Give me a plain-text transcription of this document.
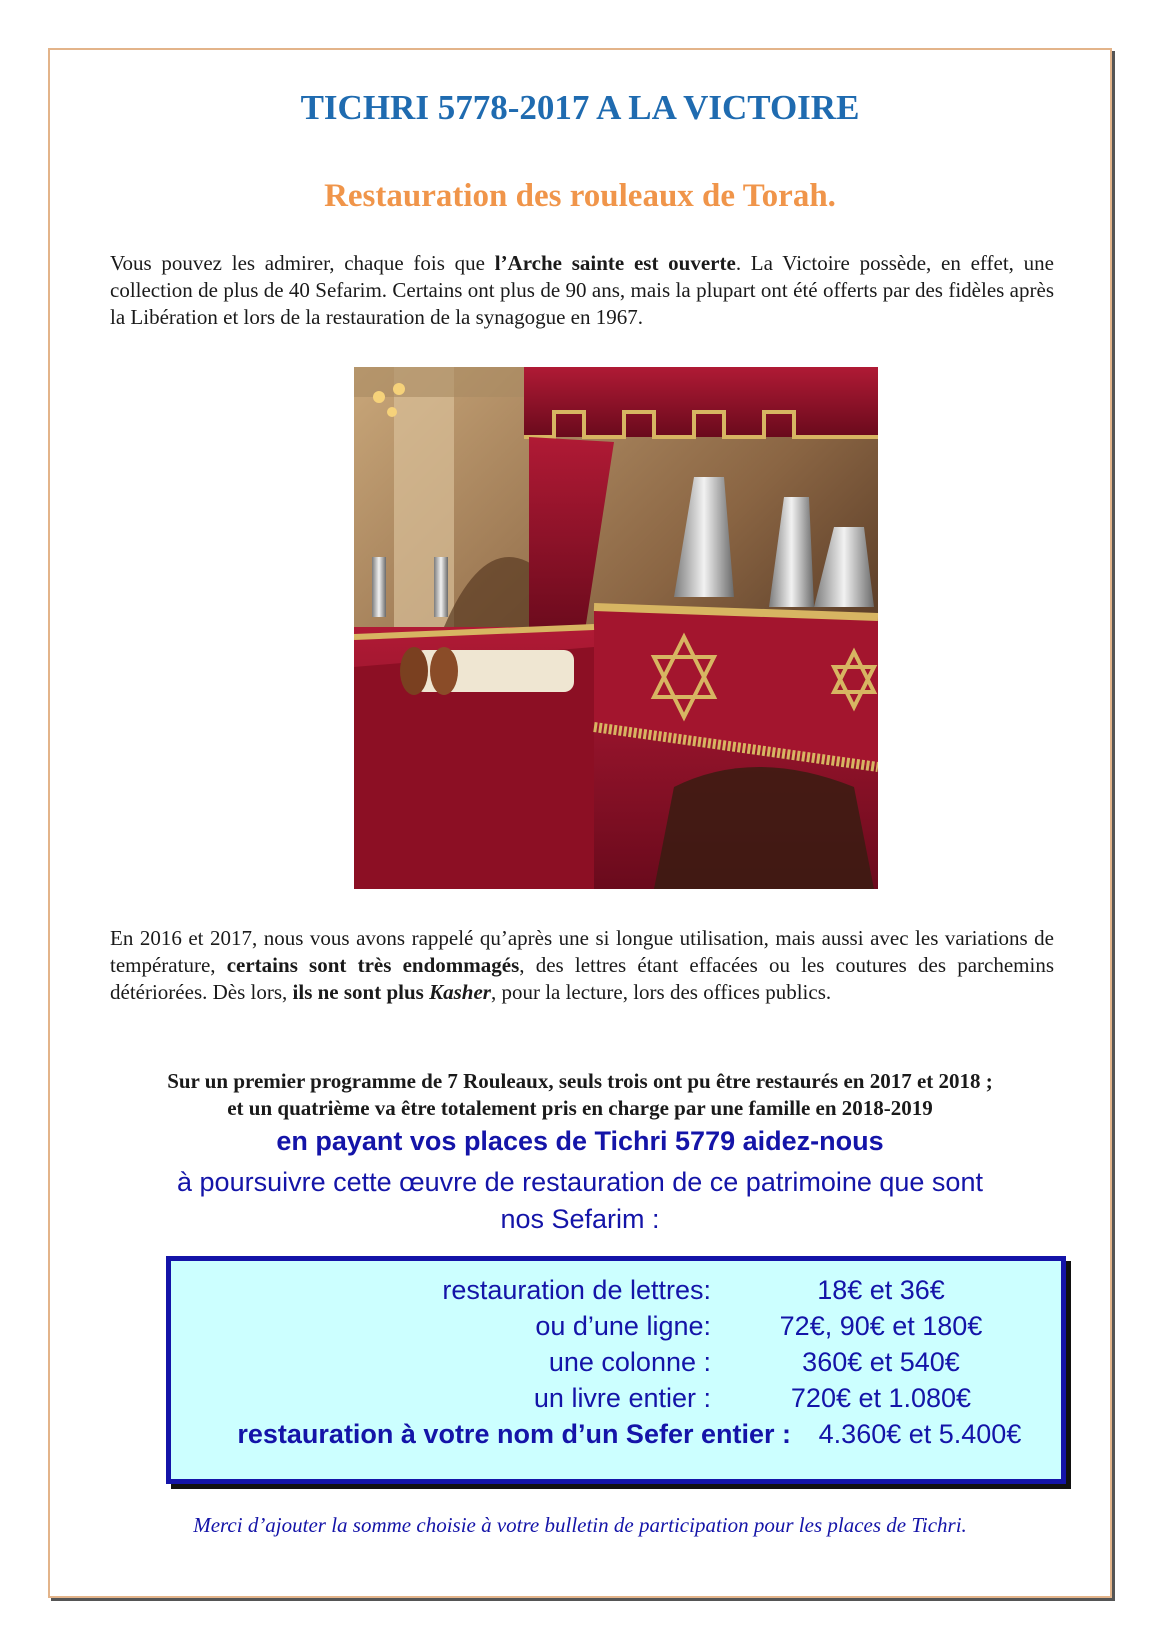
TICHRI 5778-2017 A LA VICTOIRE
Restauration des rouleaux de Torah.

Vous pouvez les admirer, chaque fois que l’Arche sainte est ouverte. La Victoire possède, en effet, une collection de plus de 40 Sefarim. Certains ont plus de 90 ans, mais la plupart ont été offerts par des fidèles après la Libération et lors de la restauration de la synagogue en 1967.

En 2016 et 2017, nous vous avons rappelé qu’après une si longue utilisation, mais aussi avec les variations de température, certains sont très endommagés, des lettres étant effacées ou les coutures des parchemins détériorées. Dès lors, ils ne sont plus Kasher, pour la lecture, lors des offices publics.

Sur un premier programme de 7 Rouleaux, seuls trois ont pu être restaurés en 2017 et 2018 ;
et un quatrième va être totalement pris en charge par une famille en 2018-2019
en payant vos places de Tichri 5779 aidez-nous
à poursuivre cette œuvre de restauration de ce patrimoine que sont
nos Sefarim :
restauration de lettres:	18€ et 36€
ou d’une ligne:	72€, 90€ et 180€
une colonne :	360€ et 540€
un livre entier :	720€ et 1.080€
restauration à votre nom d’un Sefer entier :	4.360€ et 5.400€
Merci d’ajouter la somme choisie à votre bulletin de participation pour les places de Tichri.
